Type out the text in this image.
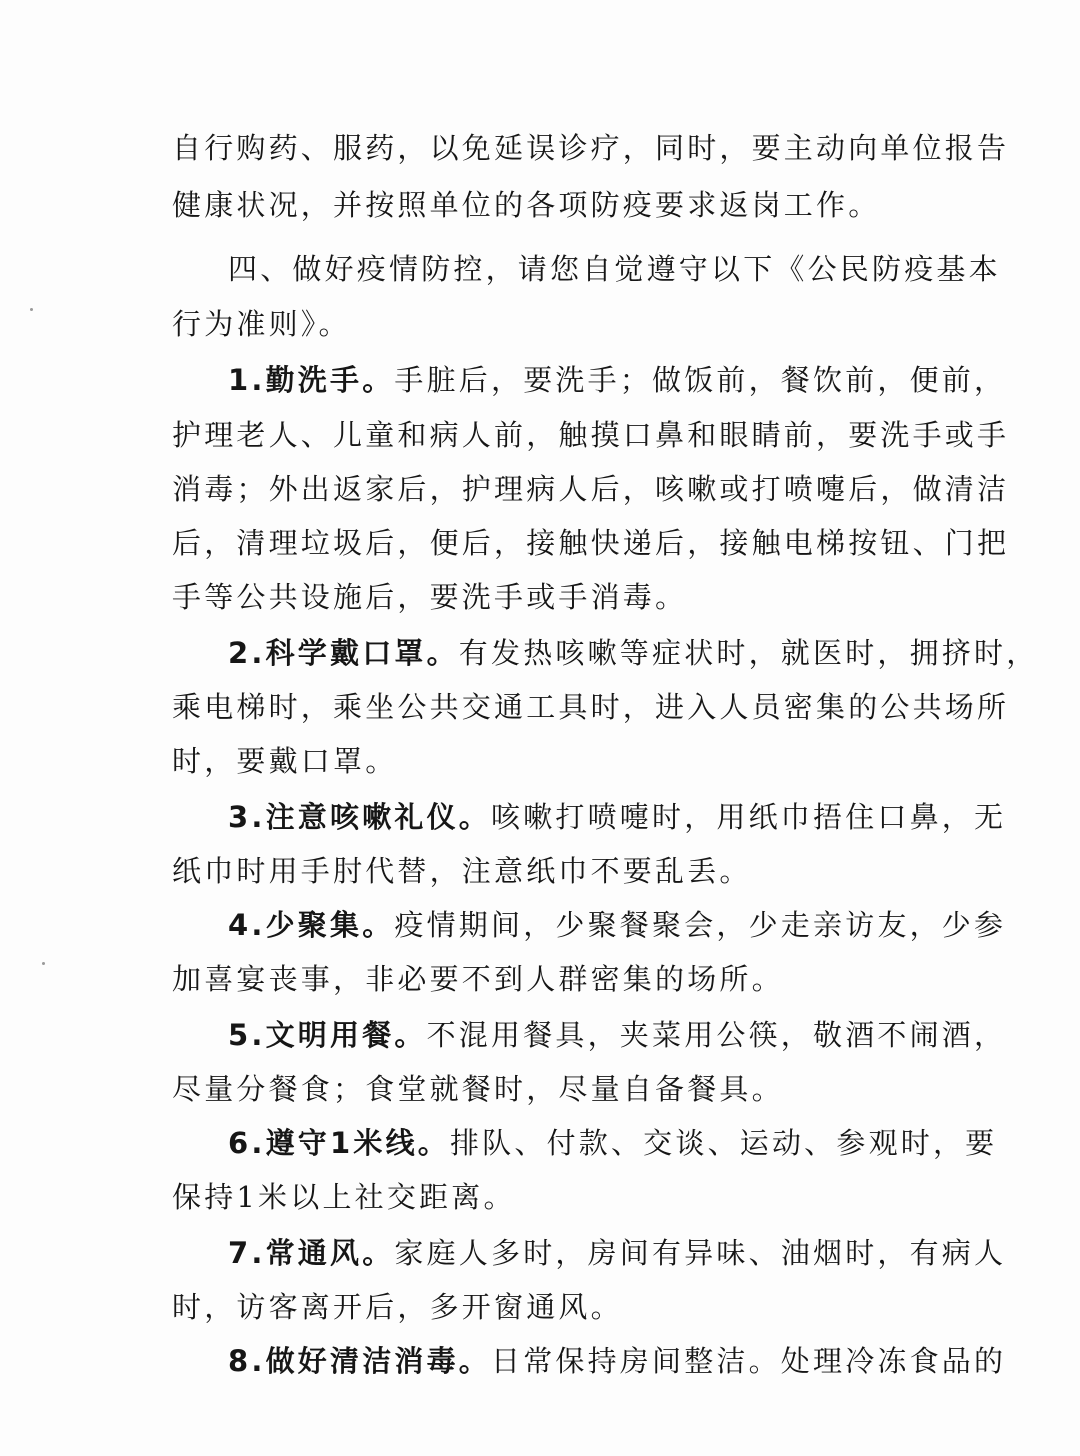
自行购药、服药，以免延误诊疗，同时，要主动向单位报告
健康状况，并按照单位的各项防疫要求返岗工作。
四、做好疫情防控，请您自觉遵守以下《公民防疫基本
行为准则》。
1.勤洗手。手脏后，要洗手；做饭前，餐饮前，便前，
护理老人、儿童和病人前，触摸口鼻和眼睛前，要洗手或手
消毒；外出返家后，护理病人后，咳嗽或打喷嚏后，做清洁
后，清理垃圾后，便后，接触快递后，接触电梯按钮、门把
手等公共设施后，要洗手或手消毒。
2.科学戴口罩。有发热咳嗽等症状时，就医时，拥挤时，
乘电梯时，乘坐公共交通工具时，进入人员密集的公共场所
时，要戴口罩。
3.注意咳嗽礼仪。咳嗽打喷嚏时，用纸巾捂住口鼻，无
纸巾时用手肘代替，注意纸巾不要乱丢。
4.少聚集。疫情期间，少聚餐聚会，少走亲访友，少参
加喜宴丧事，非必要不到人群密集的场所。
5.文明用餐。不混用餐具，夹菜用公筷，敬酒不闹酒，
尽量分餐食；食堂就餐时，尽量自备餐具。
6.遵守1米线。排队、付款、交谈、运动、参观时，要
保持1米以上社交距离。
7.常通风。家庭人多时，房间有异味、油烟时，有病人
时，访客离开后，多开窗通风。
8.做好清洁消毒。日常保持房间整洁。处理冷冻食品的
